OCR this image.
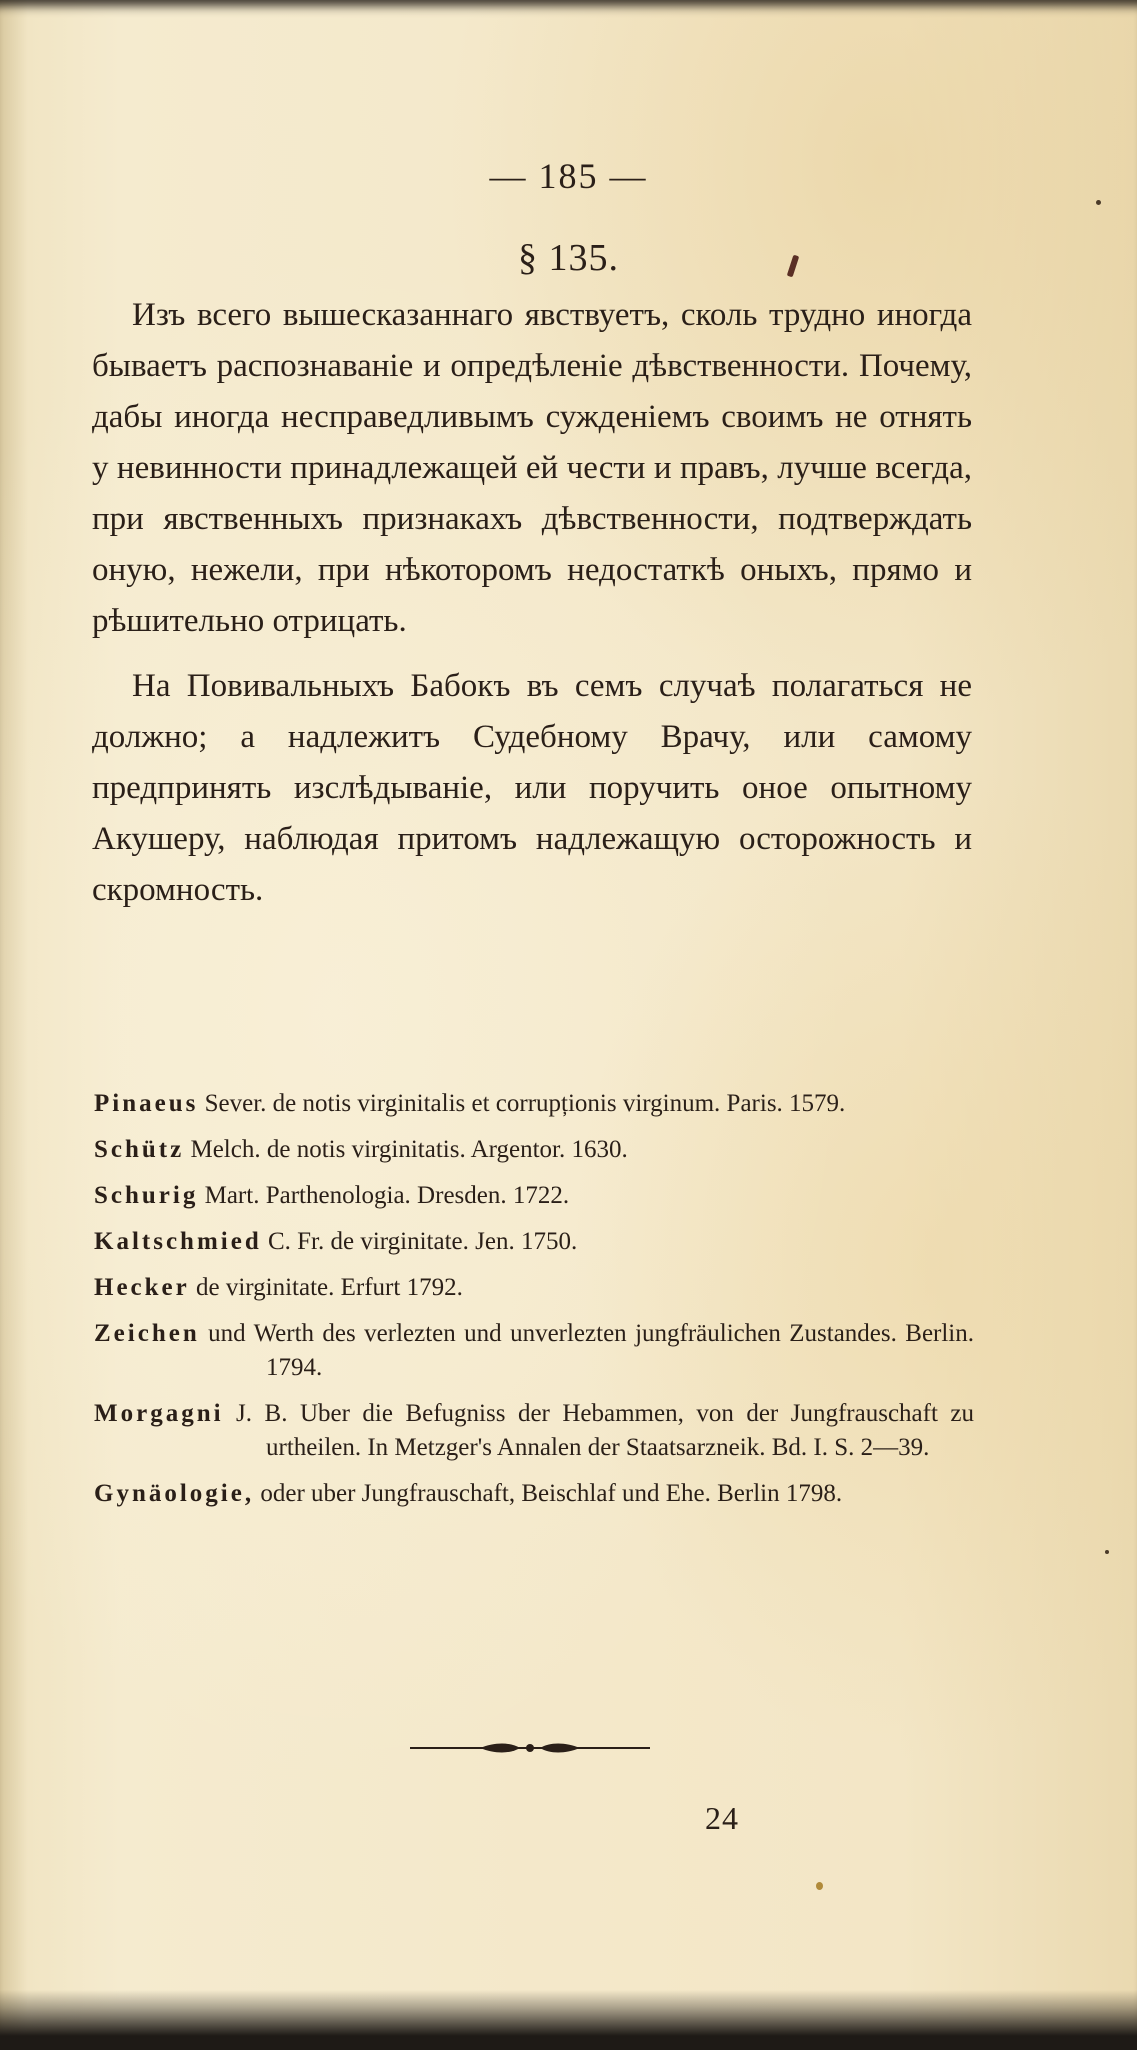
— 185 —
§ 135.

Изъ всего вышесказаннаго явствуетъ, сколь трудно иногда бываетъ распознаваніе и опредѣленіе дѣвственности. Почему, дабы иногда несправедливымъ сужденіемъ своимъ не отнять у невинности принадлежащей ей чести и правъ, лучше всегда, при явственныхъ признакахъ дѣвственности, подтверждать оную, нежели, при нѣкоторомъ недостаткѣ оныхъ, прямо и рѣшительно отрицать.

На Повивальныхъ Бабокъ въ семъ случаѣ полагаться не должно; а надлежитъ Судебному Врачу, или самому предпринять изслѣдываніе, или поручить оное опытному Акушеру, наблюдая притомъ надлежащую осторожность и скромность.

Pinaeus Sever. de notis virginitalis et corrupționis virginum. Paris. 1579.
Schütz Melch. de notis virginitatis. Argentor. 1630.
Schurig Mart. Parthenologia. Dresden. 1722.
Kaltschmied C. Fr. de virginitate. Jen. 1750.
Hecker de virginitate. Erfurt 1792.
Zeichen und Werth des verlezten und unverlezten jungfräulichen Zustandes. Berlin. 1794.
Morgagni J. B. Uber die Befugniss der Hebammen, von der Jungfrauschaft zu urtheilen. In Metzger's Annalen der Staatsarzneik. Bd. I. S. 2—39.
Gynäologie, oder uber Jungfrauschaft, Beischlaf und Ehe. Berlin 1798.
24
